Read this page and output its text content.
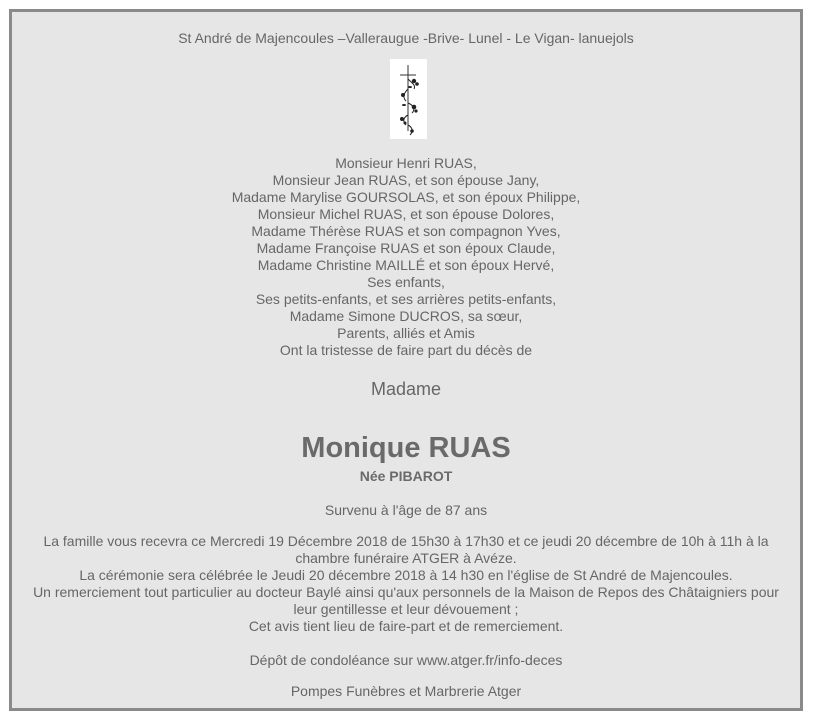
St André de Majencoules –Valleraugue -Brive- Lunel - Le Vigan- lanuejols
Monsieur Henri RUAS,
Monsieur Jean RUAS, et son épouse Jany,
Madame Marylise GOURSOLAS, et son époux Philippe,
Monsieur Michel RUAS, et son épouse Dolores,
Madame Thérèse RUAS et son compagnon Yves,
Madame Françoise RUAS et son époux Claude,
Madame Christine MAILLÉ et son époux Hervé,
Ses enfants,
Ses petits-enfants, et ses arrières petits-enfants,
Madame Simone DUCROS, sa sœur,
Parents, alliés et Amis
Ont la tristesse de faire part du décès de
Madame
Monique RUAS
Née PIBAROT
Survenu à l'âge de 87 ans
La famille vous recevra ce Mercredi 19 Décembre 2018 de 15h30 à 17h30 et ce jeudi 20 décembre de 10h à 11h à la chambre funéraire ATGER à Avéze.
La cérémonie sera célébrée le Jeudi 20 décembre 2018 à 14 h30 en l'église de St André de Majencoules.
Un remerciement tout particulier au docteur Baylé ainsi qu'aux personnels de la Maison de Repos des Châtaigniers pour leur gentillesse et leur dévouement ;
Cet avis tient lieu de faire-part et de remerciement.
Dépôt de condoléance sur www.atger.fr/info-deces
Pompes Funèbres et Marbrerie Atger
